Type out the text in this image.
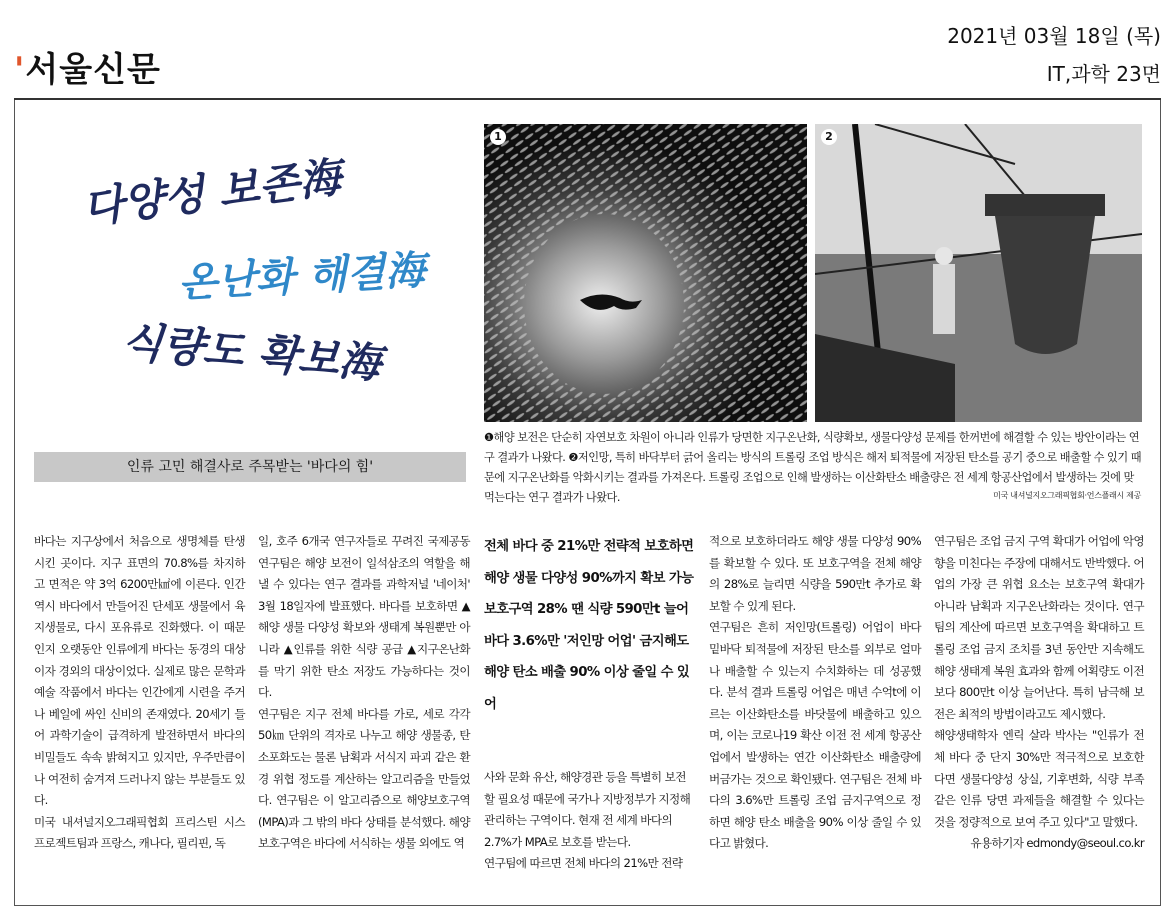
'서울신문
2021년 03월 18일 (목)
IT,과학 23면
다양성 보존海
온난화 해결海
식량도 확보海
인류 고민 해결사로 주목받는 '바다의 힘'
1	2
❶해양 보전은 단순히 자연보호 차원이 아니라 인류가 당면한 지구온난화, 식량확보, 생물다양성 문제를 한꺼번에 해결할 수 있는 방안이라는 연구 결과가 나왔다. ❷저인망, 특히 바닥부터 긁어 올리는 방식의 트롤링 조업 방식은 해저 퇴적물에 저장된 탄소를 공기 중으로 배출할 수 있기 때문에 지구온난화를 악화시키는 결과를 가져온다. 트롤링 조업으로 인해 발생하는 이산화탄소 배출량은 전 세계 항공산업에서 발생하는 것에 맞먹는다는 연구 결과가 나왔다.	미국 내셔널지오그래픽협회·언스플래시 제공
바다는 지구상에서 처음으로 생명체를 탄생시킨 곳이다. 지구 표면의 70.8%를 차지하고 면적은 약 3억 6200만㎢에 이른다. 인간 역시 바다에서 만들어진 단세포 생물에서 육지생물로, 다시 포유류로 진화했다. 이 때문인지 오랫동안 인류에게 바다는 동경의 대상이자 경외의 대상이었다. 실제로 많은 문학과 예술 작품에서 바다는 인간에게 시련을 주거나 베일에 싸인 신비의 존재였다. 20세기 들어 과학기술이 급격하게 발전하면서 바다의 비밀들도 속속 밝혀지고 있지만, 우주만큼이나 여전히 숨겨져 드러나지 않는 부분들도 있다.
미국 내셔널지오그래픽협회 프리스틴 시스 프로젝트팀과 프랑스, 캐나다, 필리핀, 독
일, 호주 6개국 연구자들로 꾸려진 국제공동연구팀은 해양 보전이 일석삼조의 역할을 해낼 수 있다는 연구 결과를 과학저널 '네이처' 3월 18일자에 발표했다. 바다를 보호하면 ▲해양 생물 다양성 확보와 생태계 복원뿐만 아니라 ▲인류를 위한 식량 공급 ▲지구온난화를 막기 위한 탄소 저장도 가능하다는 것이다.
연구팀은 지구 전체 바다를 가로, 세로 각각 50㎞ 단위의 격자로 나누고 해양 생물종, 탄소포화도는 물론 남획과 서식지 파괴 같은 환경 위협 정도를 계산하는 알고리즘을 만들었다. 연구팀은 이 알고리즘으로 해양보호구역(MPA)과 그 밖의 바다 상태를 분석했다. 해양보호구역은 바다에 서식하는 생물 외에도 역
전체 바다 중 21%만 전략적 보호하면
해양 생물 다양성 90%까지 확보 가능
보호구역 28% 땐 식량 590만t 늘어
바다 3.6%만 '저인망 어업' 금지해도
해양 탄소 배출 90% 이상 줄일 수 있어
사와 문화 유산, 해양경관 등을 특별히 보전할 필요성 때문에 국가나 지방정부가 지정해 관리하는 구역이다. 현재 전 세계 바다의 2.7%가 MPA로 보호를 받는다.
연구팀에 따르면 전체 바다의 21%만 전략
적으로 보호하더라도 해양 생물 다양성 90%를 확보할 수 있다. 또 보호구역을 전체 해양의 28%로 늘리면 식량을 590만t 추가로 확보할 수 있게 된다.
연구팀은 흔히 저인망(트롤링) 어업이 바다 밑바닥 퇴적물에 저장된 탄소를 외부로 얼마나 배출할 수 있는지 수치화하는 데 성공했다. 분석 결과 트롤링 어업은 매년 수억t에 이르는 이산화탄소를 바닷물에 배출하고 있으며, 이는 코로나19 확산 이전 전 세계 항공산업에서 발생하는 연간 이산화탄소 배출량에 버금가는 것으로 확인됐다. 연구팀은 전체 바다의 3.6%만 트롤링 조업 금지구역으로 정하면 해양 탄소 배출을 90% 이상 줄일 수 있다고 밝혔다.
연구팀은 조업 금지 구역 확대가 어업에 악영향을 미친다는 주장에 대해서도 반박했다. 어업의 가장 큰 위협 요소는 보호구역 확대가 아니라 남획과 지구온난화라는 것이다. 연구팀의 계산에 따르면 보호구역을 확대하고 트롤링 조업 금지 조치를 3년 동안만 지속해도 해양 생태계 복원 효과와 함께 어획량도 이전보다 800만t 이상 늘어난다. 특히 남극해 보전은 최적의 방법이라고도 제시했다.
해양생태학자 엔릭 살라 박사는 "인류가 전체 바다 중 단지 30%만 적극적으로 보호한다면 생물다양성 상실, 기후변화, 식량 부족 같은 인류 당면 과제들을 해결할 수 있다는 것을 정량적으로 보여 주고 있다"고 말했다.
유용하기자 edmondy@seoul.co.kr
